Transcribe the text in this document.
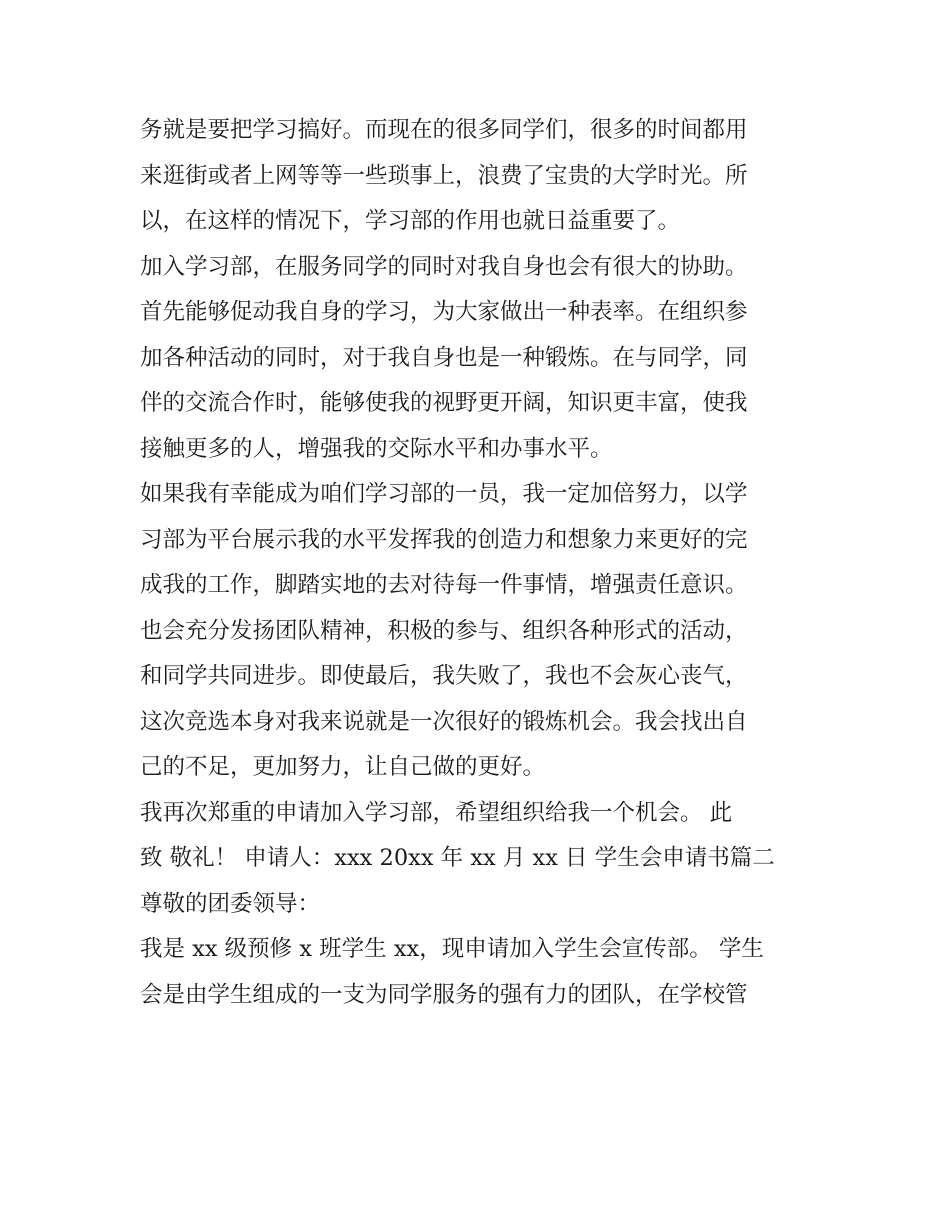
务就是要把学习搞好。而现在的很多同学们，很多的时间都用
来逛街或者上网等等一些琐事上，浪费了宝贵的大学时光。所
以，在这样的情况下，学习部的作用也就日益重要了。
加入学习部，在服务同学的同时对我自身也会有很大的协助。
首先能够促动我自身的学习，为大家做出一种表率。在组织参
加各种活动的同时，对于我自身也是一种锻炼。在与同学，同
伴的交流合作时，能够使我的视野更开阔，知识更丰富，使我
接触更多的人，增强我的交际水平和办事水平。
如果我有幸能成为咱们学习部的一员，我一定加倍努力，以学
习部为平台展示我的水平发挥我的创造力和想象力来更好的完
成我的工作，脚踏实地的去对待每一件事情，增强责任意识。
也会充分发扬团队精神，积极的参与、组织各种形式的活动，
和同学共同进步。即使最后，我失败了，我也不会灰心丧气，
这次竞选本身对我来说就是一次很好的锻炼机会。我会找出自
己的不足，更加努力，让自己做的更好。
我再次郑重的申请加入学习部，希望组织给我一个机会。 此
致 敬礼！ 申请人：xxx 20xx 年 xx 月 xx 日 学生会申请书篇二
尊敬的团委领导：
我是 xx 级预修 x 班学生 xx，现申请加入学生会宣传部。 学生
会是由学生组成的一支为同学服务的强有力的团队，在学校管
